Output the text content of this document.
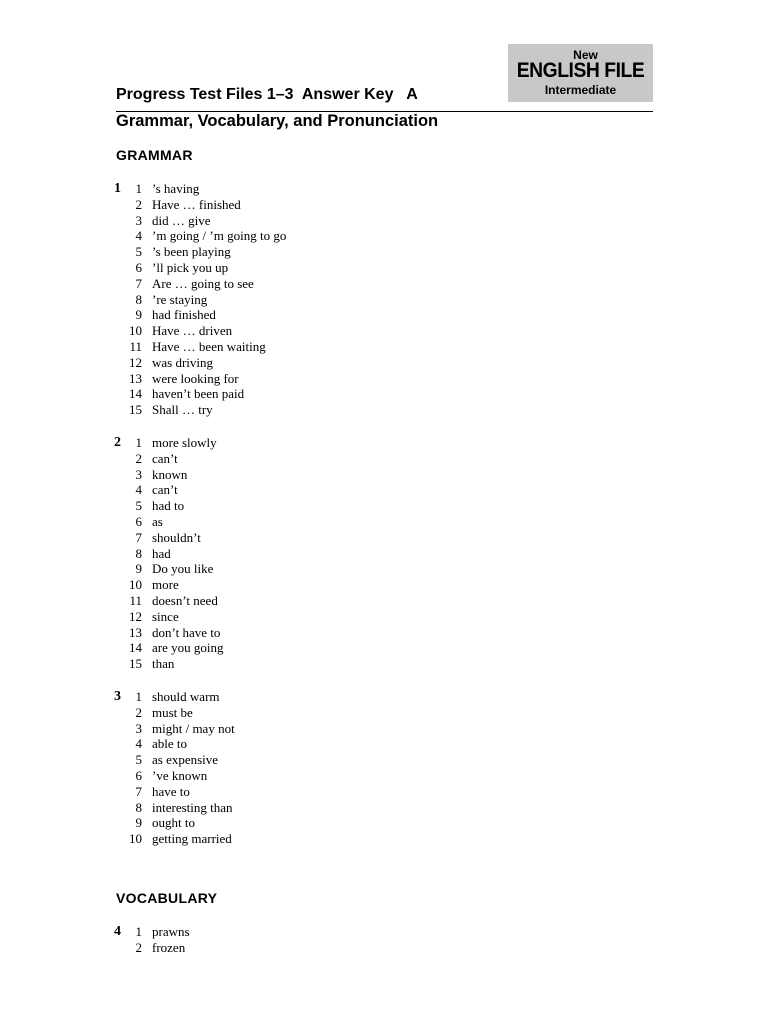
New
ENGLISH FILE
Intermediate
Progress Test Files 1–3  Answer Key   A
Grammar, Vocabulary, and Pronunciation
GRAMMAR
1	1 ’s having
2 Have … finished
3 did … give
4 ’m going / ’m going to go
5 ’s been playing
6 ’ll pick you up
7 Are … going to see
8 ’re staying
9 had finished
10 Have … driven
11 Have … been waiting
12 was driving
13 were looking for
14 haven’t been paid
15 Shall … try
2	1 more slowly
2 can’t
3 known
4 can’t
5 had to
6 as
7 shouldn’t
8 had
9 Do you like
10 more
11 doesn’t need
12 since
13 don’t have to
14 are you going
15 than
3	1 should warm
2 must be
3 might / may not
4 able to
5 as expensive
6 ’ve known
7 have to
8 interesting than
9 ought to
10 getting married
VOCABULARY
4	1 prawns
2 frozen
